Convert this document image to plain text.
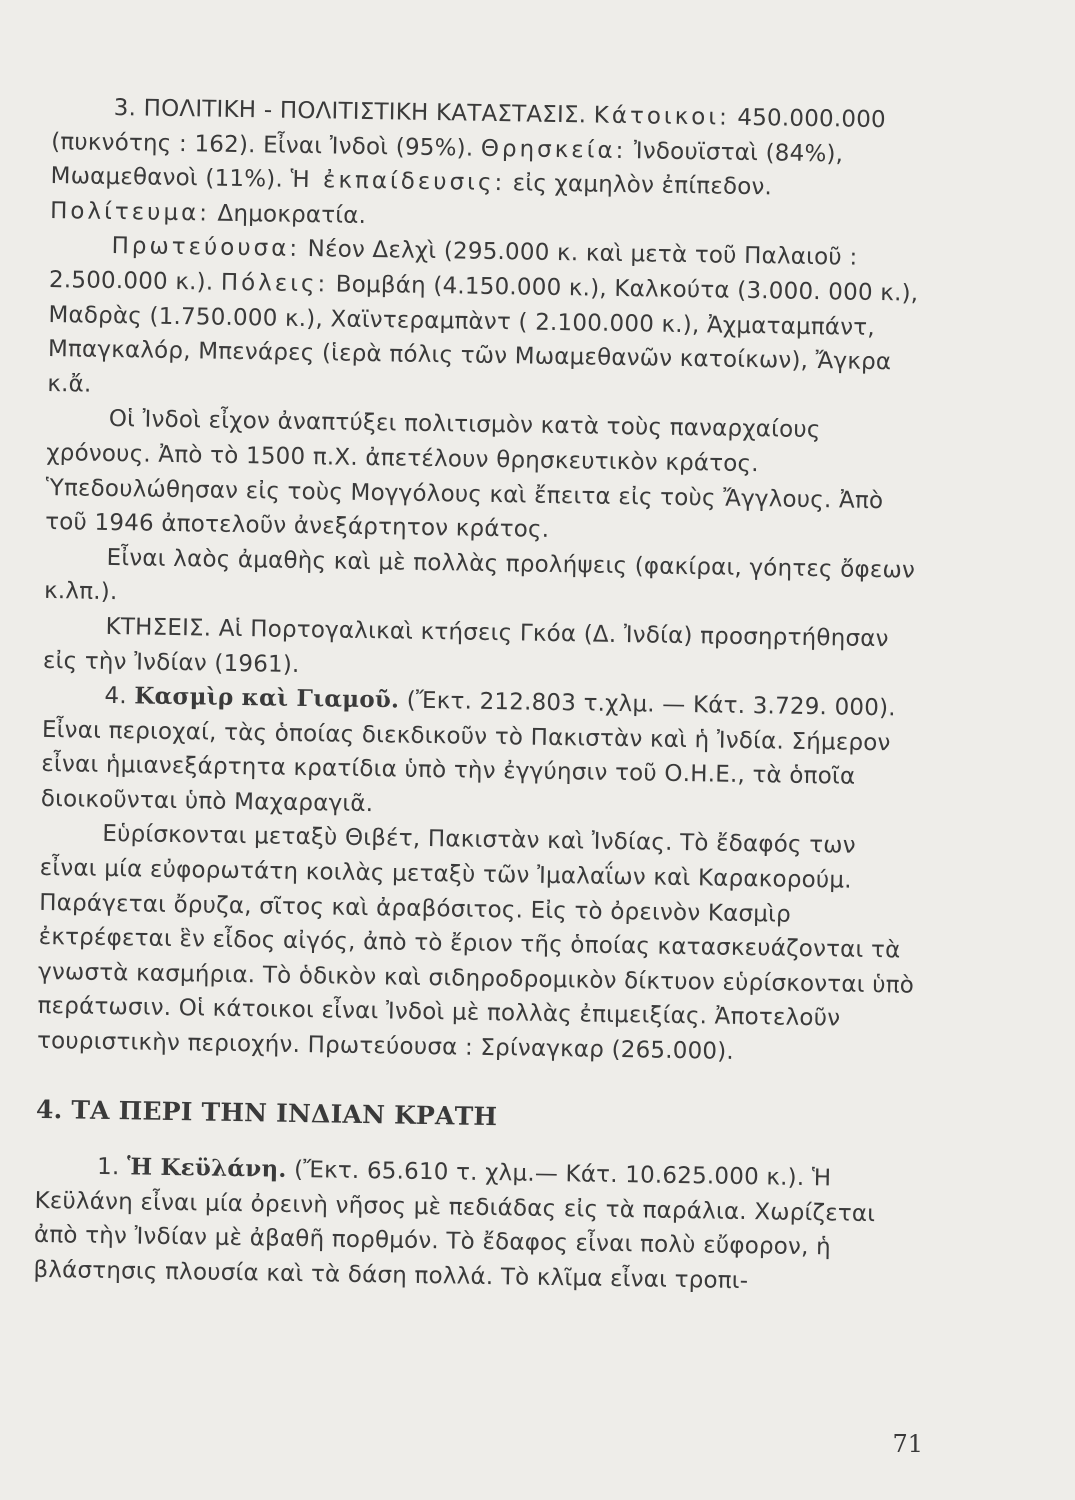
3. ΠΟΛΙΤΙΚΗ - ΠΟΛΙΤΙΣΤΙΚΗ ΚΑΤΑΣΤΑΣΙΣ. Κάτοικοι: 450.000.000 (πυκνότης : 162). Εἶναι Ἰνδοὶ (95%). Θρησκεία: Ἰνδουϊσταὶ (84%), Μωαμεθανοὶ (11%). Ἡ ἐκπαίδευσις: εἰς χαμηλὸν ἐπίπεδον. Πολίτευμα: Δημοκρατία.

Πρωτεύουσα: Νέον Δελχὶ (295.000 κ. καὶ μετὰ τοῦ Παλαιοῦ : 2.500.000 κ.). Πόλεις: Βομβάη (4.150.000 κ.), Καλκούτα (3.000. 000 κ.), Μαδρὰς (1.750.000 κ.), Χαϊντεραμπὰντ ( 2.100.000 κ.), Ἀχματαμπάντ, Μπαγκαλόρ, Μπενάρες (ἱερὰ πόλις τῶν Μωαμεθανῶν κατοίκων), Ἄγκρα κ.ἄ.

Οἱ Ἰνδοὶ εἶχον ἀναπτύξει πολιτισμὸν κατὰ τοὺς παναρχαίους χρόνους. Ἀπὸ τὸ 1500 π.Χ. ἀπετέλουν θρησκευτικὸν κράτος. Ὑπεδουλώθησαν εἰς τοὺς Μογγόλους καὶ ἔπειτα εἰς τοὺς Ἄγγλους. Ἀπὸ τοῦ 1946 ἀποτελοῦν ἀνεξάρτητον κράτος.

Εἶναι λαὸς ἀμαθὴς καὶ μὲ πολλὰς προλήψεις (φακίραι, γόητες ὄφεων κ.λπ.).

ΚΤΗΣΕΙΣ. Αἱ Πορτογαλικαὶ κτήσεις Γκόα (Δ. Ἰνδία) προσηρτήθησαν εἰς τὴν Ἰνδίαν (1961).

4. Κασμὶρ καὶ Γιαμοῦ. (Ἔκτ. 212.803 τ.χλμ. — Κάτ. 3.729. 000). Εἶναι περιοχαί, τὰς ὁποίας διεκδικοῦν τὸ Πακιστὰν καὶ ἡ Ἰνδία. Σήμερον εἶναι ἡμιανεξάρτητα κρατίδια ὑπὸ τὴν ἐγγύησιν τοῦ Ο.Η.Ε., τὰ ὁποῖα διοικοῦνται ὑπὸ Μαχαραγιᾶ.

Εὑρίσκονται μεταξὺ Θιβέτ, Πακιστὰν καὶ Ἰνδίας. Τὸ ἔδαφός των εἶναι μία εὐφορωτάτη κοιλὰς μεταξὺ τῶν Ἰμαλαΐων καὶ Καρακορούμ. Παράγεται ὄρυζα, σῖτος καὶ ἀραβόσιτος. Εἰς τὸ ὀρεινὸν Κασμὶρ ἐκτρέφεται ἓν εἶδος αἰγός, ἀπὸ τὸ ἔριον τῆς ὁποίας κατασκευάζονται τὰ γνωστὰ κασμήρια. Τὸ ὁδικὸν καὶ σιδηροδρομικὸν δίκτυον εὑρίσκονται ὑπὸ περάτωσιν. Οἱ κάτοικοι εἶναι Ἰνδοὶ μὲ πολλὰς ἐπιμειξίας. Ἀποτελοῦν τουριστικὴν περιοχήν. Πρωτεύουσα : Σρίναγκαρ (265.000).

4. ΤΑ ΠΕΡΙ ΤΗΝ ΙΝΔΙΑΝ ΚΡΑΤΗ

1. Ἡ Κεϋλάνη. (Ἔκτ. 65.610 τ. χλμ.— Κάτ. 10.625.000 κ.). Ἡ Κεϋλάνη εἶναι μία ὀρεινὴ νῆσος μὲ πεδιάδας εἰς τὰ παράλια. Χωρίζεται ἀπὸ τὴν Ἰνδίαν μὲ ἀβαθῆ πορθμόν. Τὸ ἔδαφος εἶναι πολὺ εὔφορον, ἡ βλάστησις πλουσία καὶ τὰ δάση πολλά. Τὸ κλῖμα εἶναι τροπι-

71
